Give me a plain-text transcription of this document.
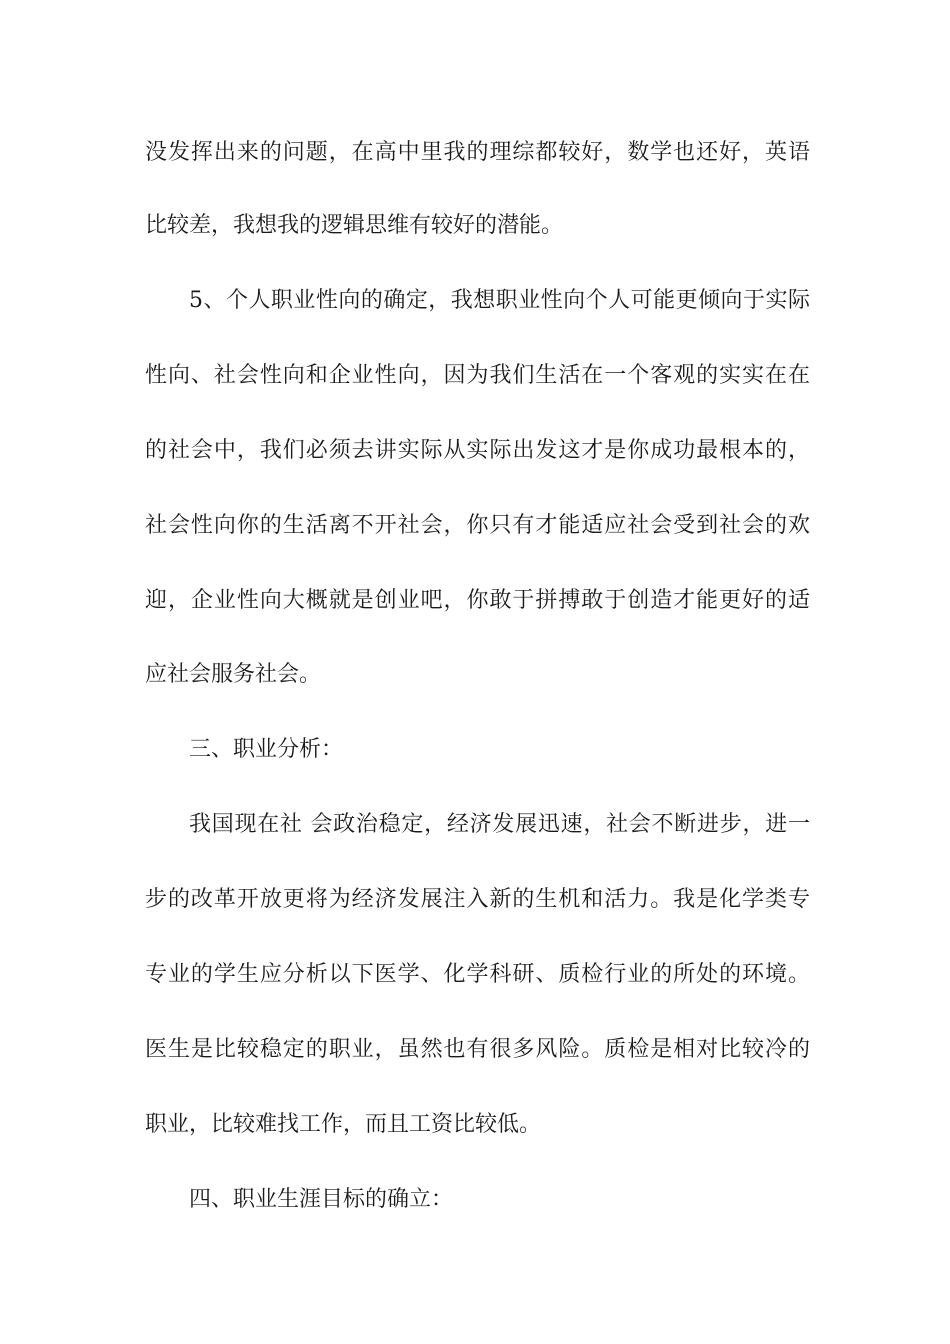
没发挥出来的问题，在高中里我的理综都较好，数学也还好，英语
比较差，我想我的逻辑思维有较好的潜能。
5、个人职业性向的确定，我想职业性向个人可能更倾向于实际
性向、社会性向和企业性向，因为我们生活在一个客观的实实在在
的社会中，我们必须去讲实际从实际出发这才是你成功最根本的，
社会性向你的生活离不开社会，你只有才能适应社会受到社会的欢
迎，企业性向大概就是创业吧，你敢于拼搏敢于创造才能更好的适
应社会服务社会。
三、职业分析：
我国现在社 会政治稳定，经济发展迅速，社会不断进步，进一
步的改革开放更将为经济发展注入新的生机和活力。我是化学类专
专业的学生应分析以下医学、化学科研、质检行业的所处的环境。
医生是比较稳定的职业，虽然也有很多风险。质检是相对比较冷的
职业，比较难找工作，而且工资比较低。
四、职业生涯目标的确立：
